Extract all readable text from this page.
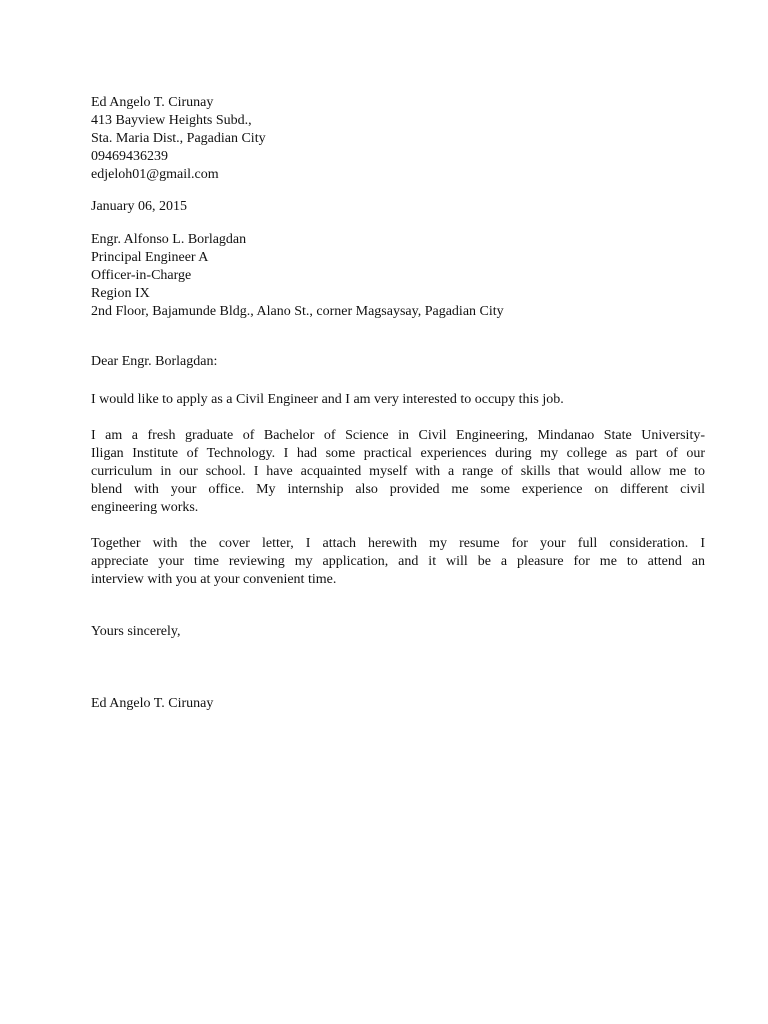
Ed Angelo T. Cirunay
413 Bayview Heights Subd.,
Sta. Maria Dist., Pagadian City
09469436239
edjeloh01@gmail.com
January 06, 2015
Engr. Alfonso L. Borlagdan
Principal Engineer A
Officer-in-Charge
Region IX
2nd Floor, Bajamunde Bldg., Alano St., corner Magsaysay, Pagadian City
Dear Engr. Borlagdan:
I would like to apply as a Civil Engineer and I am very interested to occupy this job.
I am a fresh graduate of Bachelor of Science in Civil Engineering, Mindanao State University-
Iligan Institute of Technology. I had some practical experiences during my college as part of our
curriculum in our school. I have acquainted myself with a range of skills that would allow me to
blend with your office. My internship also provided me some experience on different civil
engineering works.
Together with the cover letter, I attach herewith my resume for your full consideration. I
appreciate your time reviewing my application, and it will be a pleasure for me to attend an
interview with you at your convenient time.
Yours sincerely,
Ed Angelo T. Cirunay
